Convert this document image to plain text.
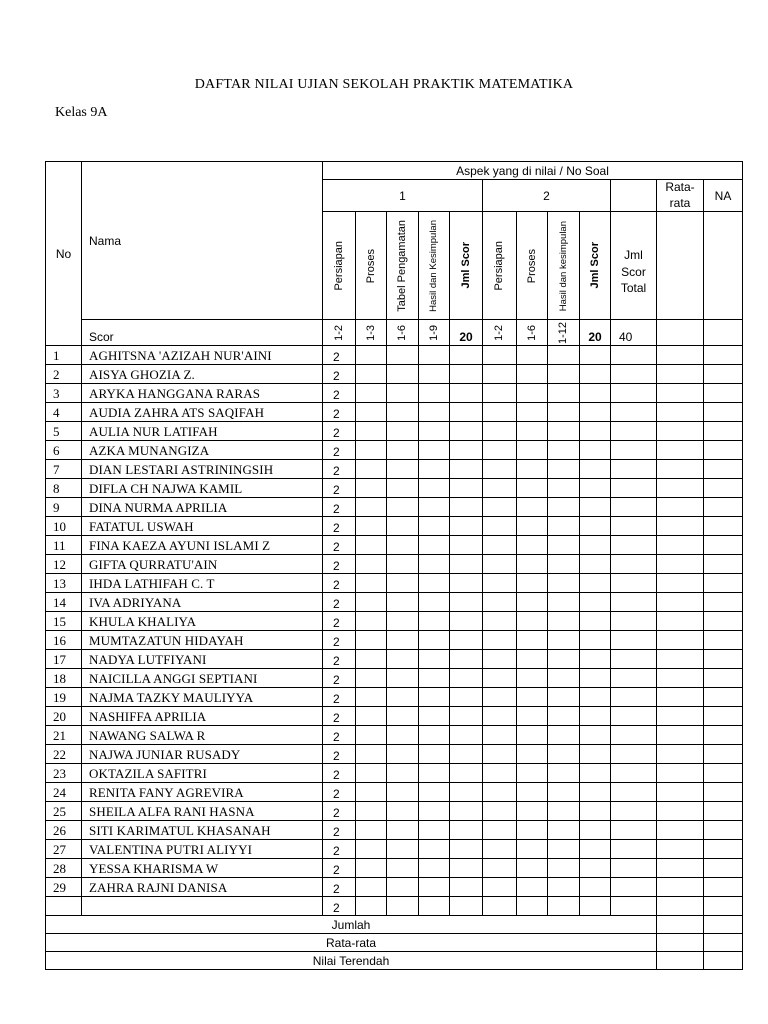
DAFTAR NILAI UJIAN SEKOLAH PRAKTIK MATEMATIKA
Kelas 9A
No	Nama	Aspek yang di nilai / No Soal											
		1					2					Rata-rata	NA

		Persiapan	Proses	Tabel Pengamatan	Hasil dan Kesimpulan	Jml Scor	Persiapan	Proses	Hasil dan kesimpulan	Jml Scor	Jml Scor Total		
	Scor	1-2	1-3	1-6	1-9	20	1-2	1-6	1-12	20	40		
1	AGHITSNA 'AZIZAH NUR'AINI	2											
2	AISYA GHOZIA Z.	2											
3	ARYKA HANGGANA RARAS	2											
4	AUDIA ZAHRA ATS SAQIFAH	2											
5	AULIA NUR LATIFAH	2											
6	AZKA MUNANGIZA	2											
7	DIAN LESTARI ASTRININGSIH	2											
8	DIFLA CH NAJWA KAMIL	2											
9	DINA NURMA APRILIA	2											
10	FATATUL USWAH	2											
11	FINA KAEZA AYUNI ISLAMI Z	2											
12	GIFTA QURRATU'AIN	2											
13	IHDA LATHIFAH C. T	2											
14	IVA ADRIYANA	2											
15	KHULA KHALIYA	2											
16	MUMTAZATUN HIDAYAH	2											
17	NADYA LUTFIYANI	2											
18	NAICILLA ANGGI SEPTIANI	2											
19	NAJMA TAZKY MAULIYYA	2											
20	NASHIFFA APRILIA	2											
21	NAWANG SALWA R	2											
22	NAJWA JUNIAR RUSADY	2											
23	OKTAZILA SAFITRI	2											
24	RENITA FANY AGREVIRA	2											
25	SHEILA ALFA RANI HASNA	2											
26	SITI KARIMATUL KHASANAH	2											
27	VALENTINA PUTRI ALIYYI	2											
28	YESSA KHARISMA W	2											
29	ZAHRA RAJNI DANISA	2											
		2											
Jumlah													
Rata-rata													
Nilai Terendah													
